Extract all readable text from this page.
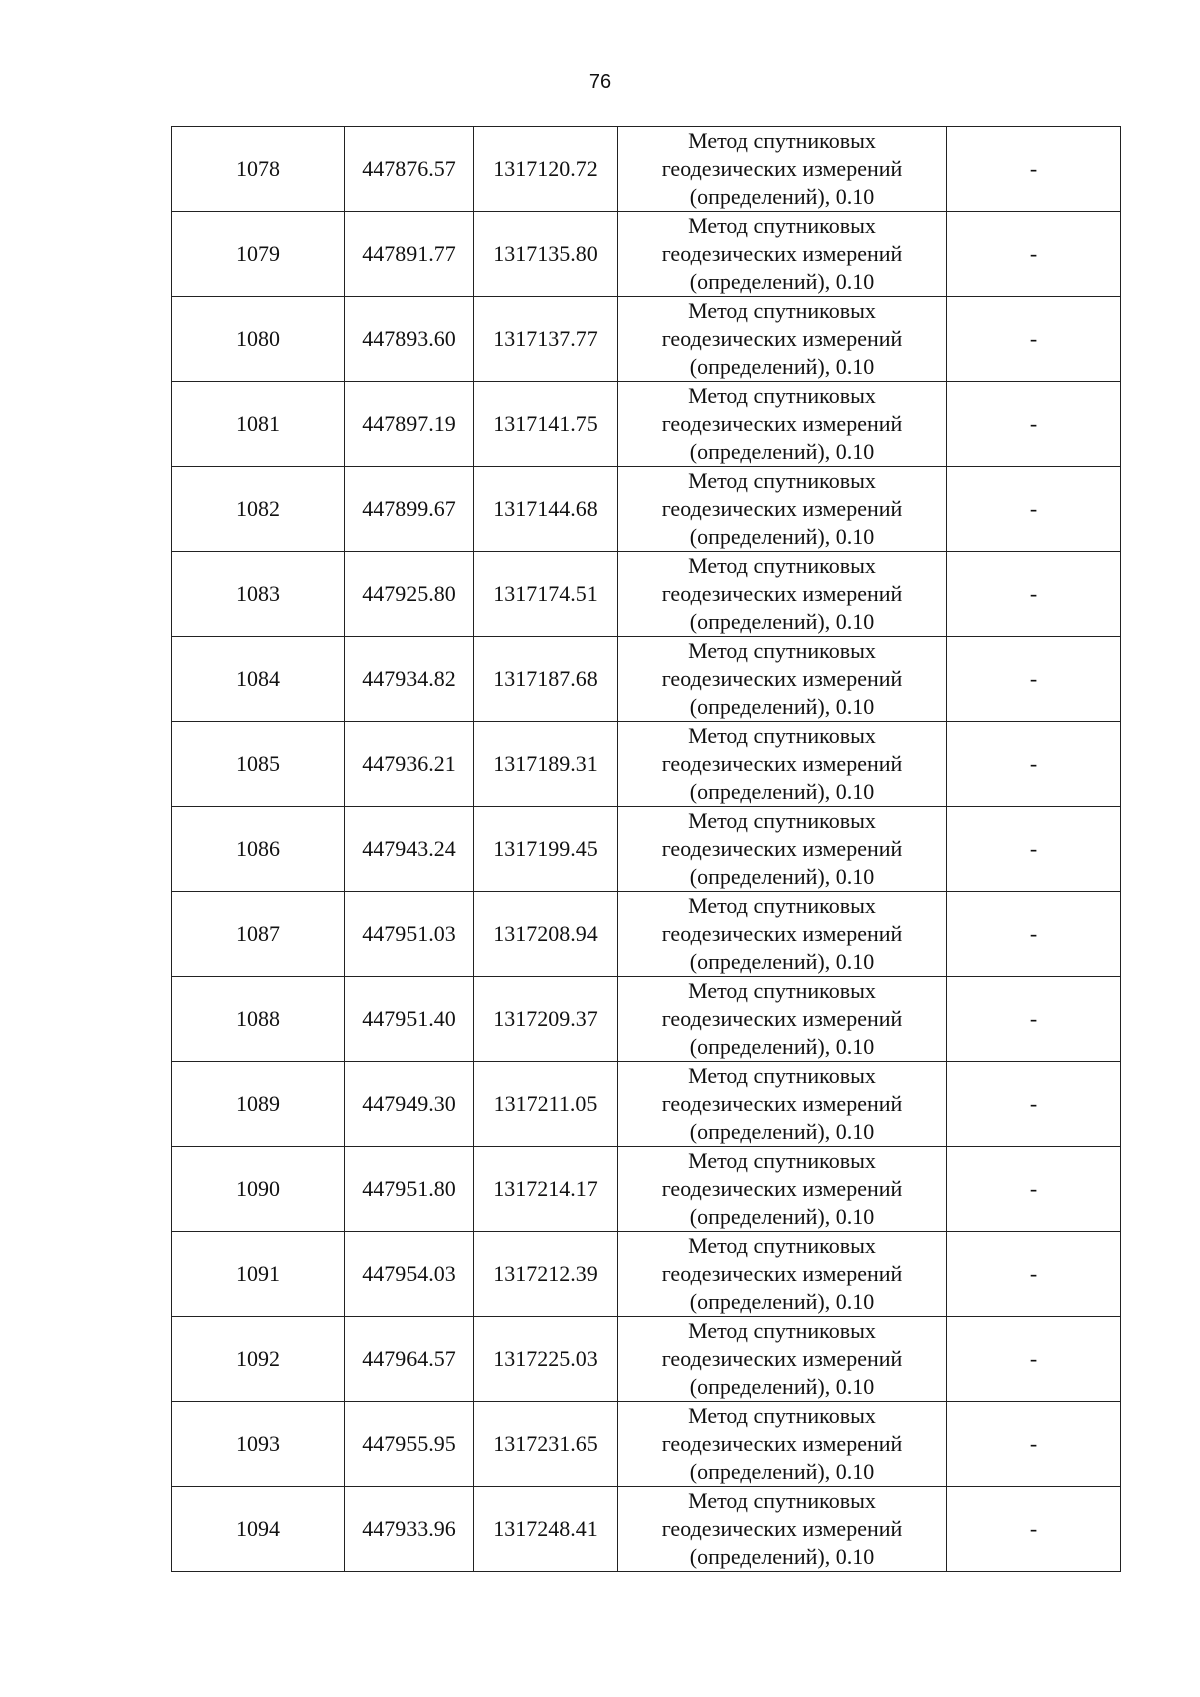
76
1078	447876.57	1317120.72	Метод спутниковых
геодезических измерений
(определений), 0.10	-
1079	447891.77	1317135.80	Метод спутниковых
геодезических измерений
(определений), 0.10	-
1080	447893.60	1317137.77	Метод спутниковых
геодезических измерений
(определений), 0.10	-
1081	447897.19	1317141.75	Метод спутниковых
геодезических измерений
(определений), 0.10	-
1082	447899.67	1317144.68	Метод спутниковых
геодезических измерений
(определений), 0.10	-
1083	447925.80	1317174.51	Метод спутниковых
геодезических измерений
(определений), 0.10	-
1084	447934.82	1317187.68	Метод спутниковых
геодезических измерений
(определений), 0.10	-
1085	447936.21	1317189.31	Метод спутниковых
геодезических измерений
(определений), 0.10	-
1086	447943.24	1317199.45	Метод спутниковых
геодезических измерений
(определений), 0.10	-
1087	447951.03	1317208.94	Метод спутниковых
геодезических измерений
(определений), 0.10	-
1088	447951.40	1317209.37	Метод спутниковых
геодезических измерений
(определений), 0.10	-
1089	447949.30	1317211.05	Метод спутниковых
геодезических измерений
(определений), 0.10	-
1090	447951.80	1317214.17	Метод спутниковых
геодезических измерений
(определений), 0.10	-
1091	447954.03	1317212.39	Метод спутниковых
геодезических измерений
(определений), 0.10	-
1092	447964.57	1317225.03	Метод спутниковых
геодезических измерений
(определений), 0.10	-
1093	447955.95	1317231.65	Метод спутниковых
геодезических измерений
(определений), 0.10	-
1094	447933.96	1317248.41	Метод спутниковых
геодезических измерений
(определений), 0.10	-
